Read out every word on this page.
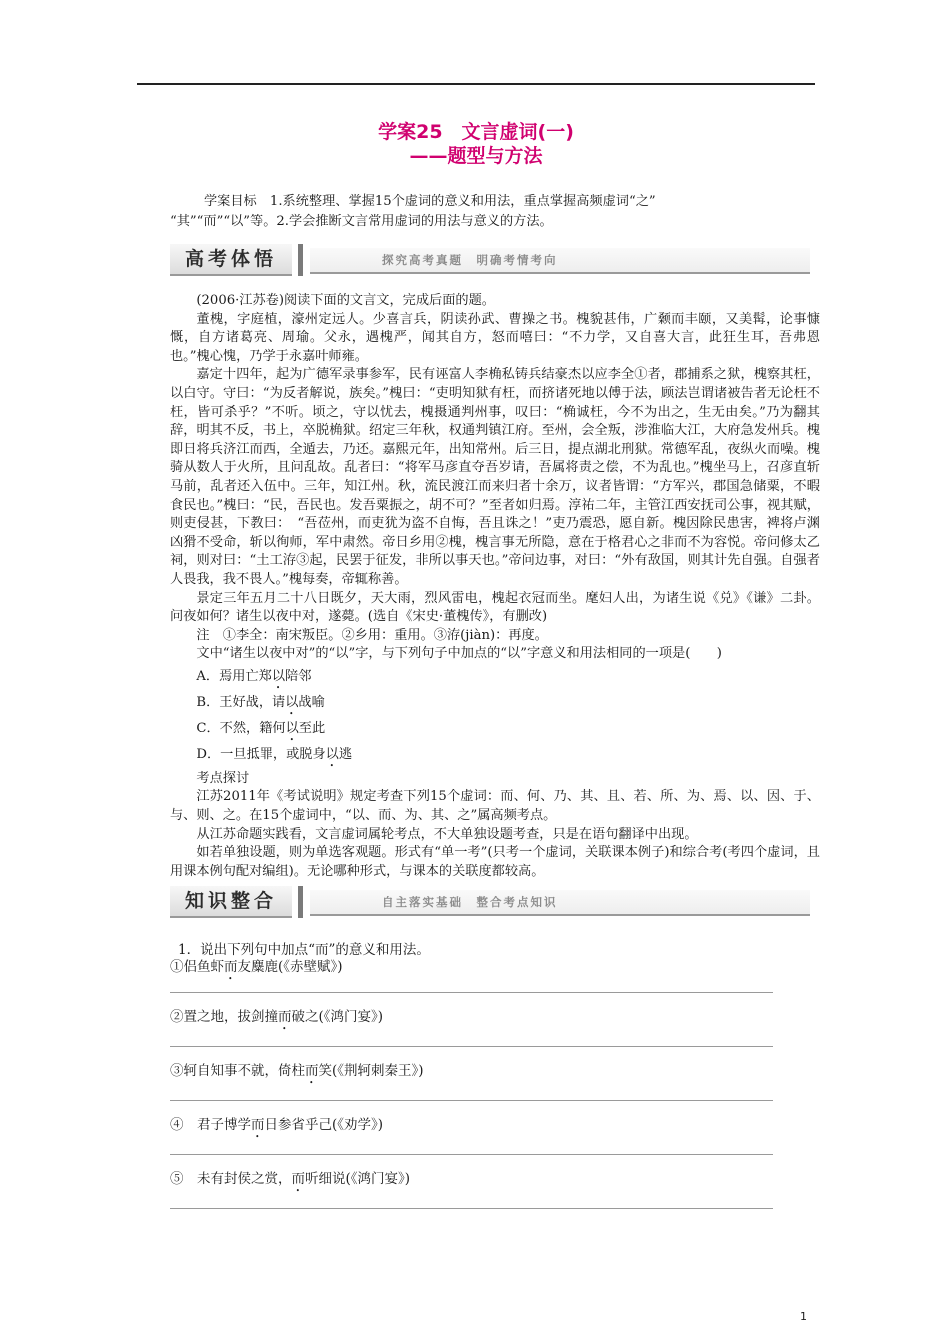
学案25　文言虚词(一)
——题型与方法
学案目标　1.系统整理、掌握15个虚词的意义和用法，重点掌握高频虚词“之”
“其”“而”“以”等。2.学会推断文言常用虚词的用法与意义的方法。
高考体悟	探究高考真题　明确考情考向

(2006·江苏卷)阅读下面的文言文，完成后面的题。

董槐，字庭植，濠州定远人。少喜言兵，阴读孙武、曹操之书。槐貌甚伟，广颡而丰颐，又美髯，论事慷慨，自方诸葛亮、周瑜。父永，遇槐严，闻其自方，怒而嘻曰：“不力学，又自喜大言，此狂生耳，吾弗恩也。”槐心愧，乃学于永嘉叶师雍。

嘉定十四年，起为广德军录事参军，民有诬富人李桷私铸兵结豪杰以应李全①者，郡捕系之狱，槐察其枉，以白守。守曰：“为反者解说，族矣。”槐曰：“吏明知狱有枉，而挤诸死地以傅于法，顾法岂谓诸被告者无论枉不枉，皆可杀乎？”不听。顷之，守以忧去，槐摄通判州事，叹曰：“桷诚枉，今不为出之，生无由矣。”乃为翻其辞，明其不反，书上，卒脱桷狱。绍定三年秋，权通判镇江府。至州，会全叛，涉淮临大江，大府急发州兵。槐即日将兵济江而西，全遁去，乃还。嘉熙元年，出知常州。后三日，提点湖北刑狱。常德军乱，夜纵火而噪。槐骑从数人于火所，且问乱故。乱者曰：“将军马彦直夺吾岁请，吾属将责之偿，不为乱也。”槐坐马上，召彦直斩马前，乱者还入伍中。三年，知江州。秋，流民渡江而来归者十余万，议者皆谓：“方军兴，郡国急储粟，不暇食民也。”槐曰：“民，吾民也。发吾粟振之，胡不可？”至者如归焉。淳祐二年，主管江西安抚司公事，视其赋，则吏侵甚，下教曰：　“吾莅州，而吏犹为盗不自悔，吾且诛之！”吏乃震恐，愿自新。槐因除民患害，裨将卢渊凶猾不受命，斩以徇师，军中肃然。帝日乡用②槐，槐言事无所隐，意在于格君心之非而不为容悦。帝问修太乙祠，则对曰：“土工洊③起，民罢于征发，非所以事天也。”帝问边事，对曰：“外有敌国，则其计先自强。自强者人畏我，我不畏人。”槐每奏，帝辄称善。

景定三年五月二十八日既夕，天大雨，烈风雷电，槐起衣冠而坐。麾妇人出，为诸生说《兑》《谦》二卦。问夜如何？诸生以夜中对，遂薨。(选自《宋史·董槐传》，有删改)

注　①李全：南宋叛臣。②乡用：重用。③洊(jiàn)：再度。

文中“诸生以夜中对”的“以”字，与下列句子中加点的“以”字意义和用法相同的一项是(　　)

A．焉用亡郑以陪邻

B．王好战，请以战喻

C．不然，籍何以至此

D．一旦抵罪，或脱身以逃

考点探讨

江苏2011年《考试说明》规定考查下列15个虚词：而、何、乃、其、且、若、所、为、焉、以、因、于、与、则、之。在15个虚词中，“以、而、为、其、之”属高频考点。

从江苏命题实践看，文言虚词属轮考点，不大单独设题考查，只是在语句翻译中出现。

如若单独设题，则为单选客观题。形式有“单一考”(只考一个虚词，关联课本例子)和综合考(考四个虚词，且用课本例句配对编组)。无论哪种形式，与课本的关联度都较高。

知识整合	自主落实基础　整合考点知识
1．说出下列句中加点“而”的意义和用法。
①侣鱼虾而友麋鹿(《赤壁赋》)
②置之地，拔剑撞而破之(《鸿门宴》)
③轲自知事不就，倚柱而笑(《荆轲刺秦王》)
④　君子博学而日参省乎己(《劝学》)
⑤　未有封侯之赏，而听细说(《鸿门宴》)
1
